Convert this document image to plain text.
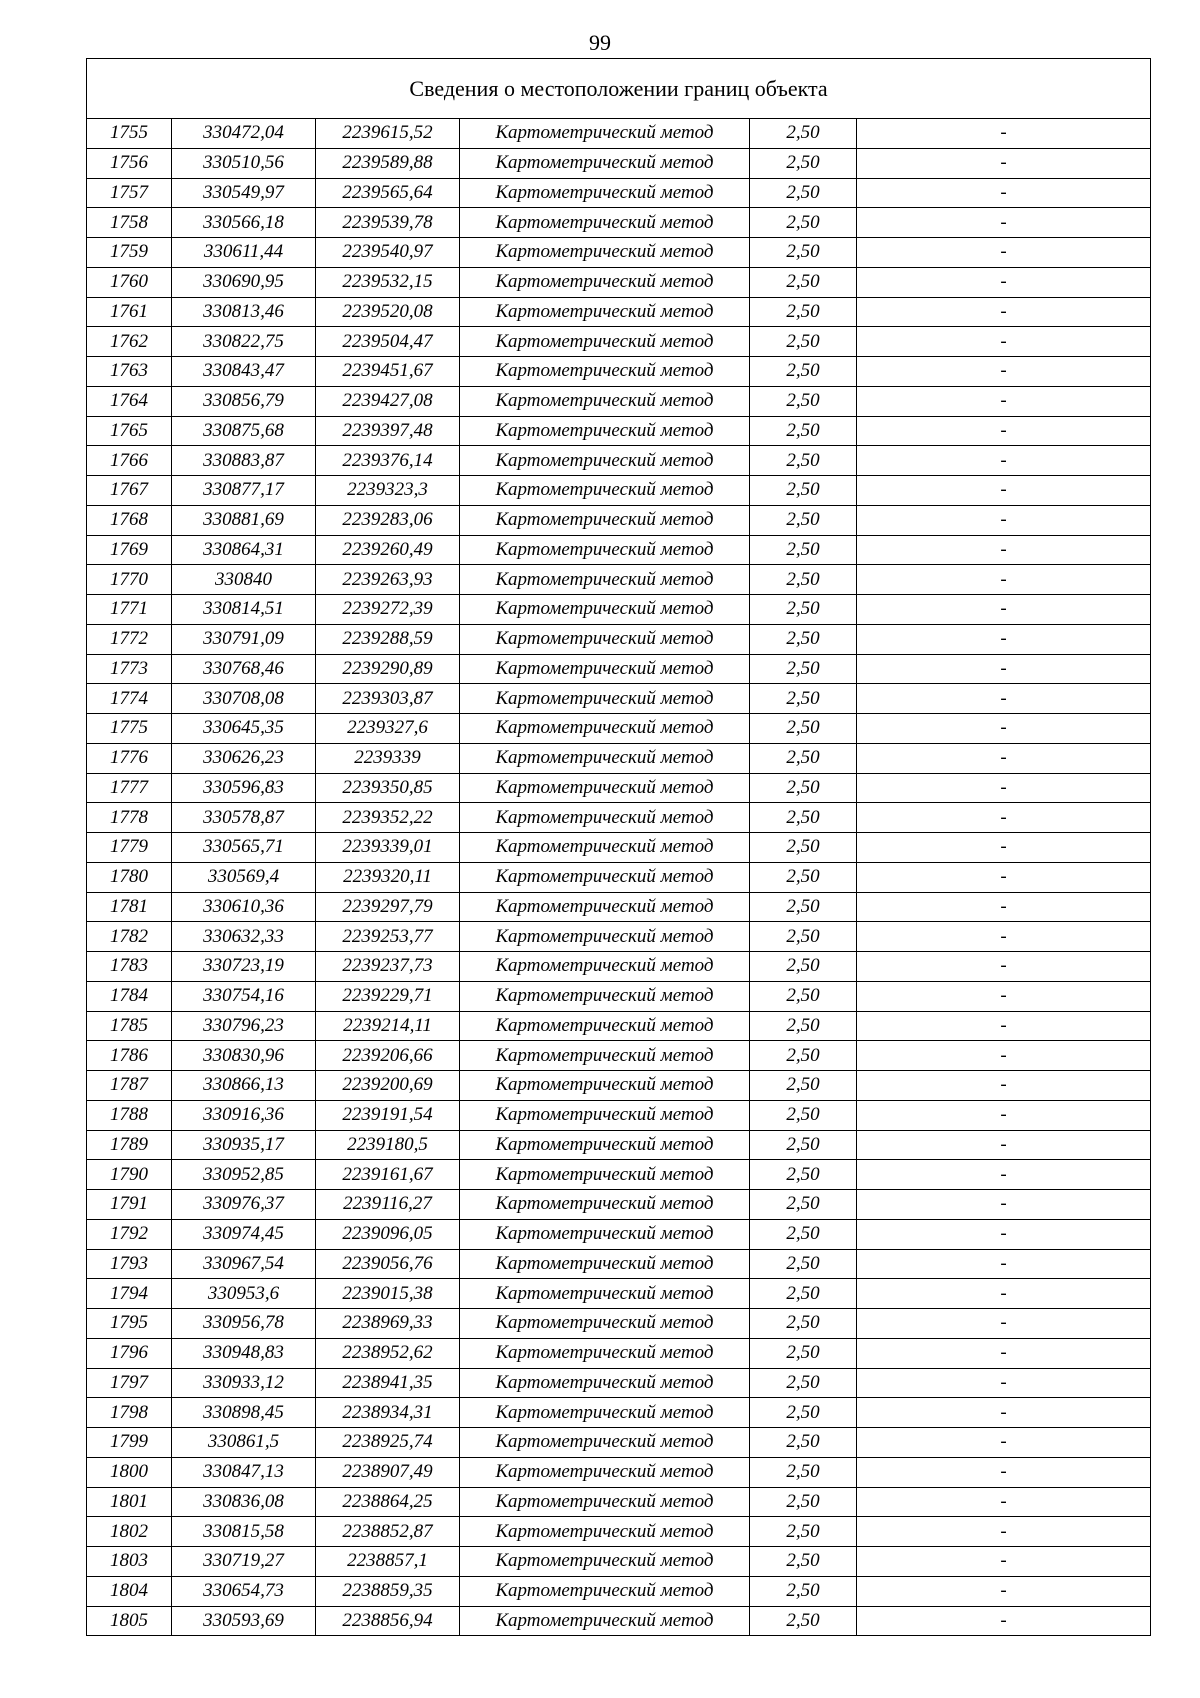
99
Сведения о местоположении границ объекта					
1755	330472,04	2239615,52	Картометрический метод	2,50	-
1756	330510,56	2239589,88	Картометрический метод	2,50	-
1757	330549,97	2239565,64	Картометрический метод	2,50	-
1758	330566,18	2239539,78	Картометрический метод	2,50	-
1759	330611,44	2239540,97	Картометрический метод	2,50	-
1760	330690,95	2239532,15	Картометрический метод	2,50	-
1761	330813,46	2239520,08	Картометрический метод	2,50	-
1762	330822,75	2239504,47	Картометрический метод	2,50	-
1763	330843,47	2239451,67	Картометрический метод	2,50	-
1764	330856,79	2239427,08	Картометрический метод	2,50	-
1765	330875,68	2239397,48	Картометрический метод	2,50	-
1766	330883,87	2239376,14	Картометрический метод	2,50	-
1767	330877,17	2239323,3	Картометрический метод	2,50	-
1768	330881,69	2239283,06	Картометрический метод	2,50	-
1769	330864,31	2239260,49	Картометрический метод	2,50	-
1770	330840	2239263,93	Картометрический метод	2,50	-
1771	330814,51	2239272,39	Картометрический метод	2,50	-
1772	330791,09	2239288,59	Картометрический метод	2,50	-
1773	330768,46	2239290,89	Картометрический метод	2,50	-
1774	330708,08	2239303,87	Картометрический метод	2,50	-
1775	330645,35	2239327,6	Картометрический метод	2,50	-
1776	330626,23	2239339	Картометрический метод	2,50	-
1777	330596,83	2239350,85	Картометрический метод	2,50	-
1778	330578,87	2239352,22	Картометрический метод	2,50	-
1779	330565,71	2239339,01	Картометрический метод	2,50	-
1780	330569,4	2239320,11	Картометрический метод	2,50	-
1781	330610,36	2239297,79	Картометрический метод	2,50	-
1782	330632,33	2239253,77	Картометрический метод	2,50	-
1783	330723,19	2239237,73	Картометрический метод	2,50	-
1784	330754,16	2239229,71	Картометрический метод	2,50	-
1785	330796,23	2239214,11	Картометрический метод	2,50	-
1786	330830,96	2239206,66	Картометрический метод	2,50	-
1787	330866,13	2239200,69	Картометрический метод	2,50	-
1788	330916,36	2239191,54	Картометрический метод	2,50	-
1789	330935,17	2239180,5	Картометрический метод	2,50	-
1790	330952,85	2239161,67	Картометрический метод	2,50	-
1791	330976,37	2239116,27	Картометрический метод	2,50	-
1792	330974,45	2239096,05	Картометрический метод	2,50	-
1793	330967,54	2239056,76	Картометрический метод	2,50	-
1794	330953,6	2239015,38	Картометрический метод	2,50	-
1795	330956,78	2238969,33	Картометрический метод	2,50	-
1796	330948,83	2238952,62	Картометрический метод	2,50	-
1797	330933,12	2238941,35	Картометрический метод	2,50	-
1798	330898,45	2238934,31	Картометрический метод	2,50	-
1799	330861,5	2238925,74	Картометрический метод	2,50	-
1800	330847,13	2238907,49	Картометрический метод	2,50	-
1801	330836,08	2238864,25	Картометрический метод	2,50	-
1802	330815,58	2238852,87	Картометрический метод	2,50	-
1803	330719,27	2238857,1	Картометрический метод	2,50	-
1804	330654,73	2238859,35	Картометрический метод	2,50	-
1805	330593,69	2238856,94	Картометрический метод	2,50	-
